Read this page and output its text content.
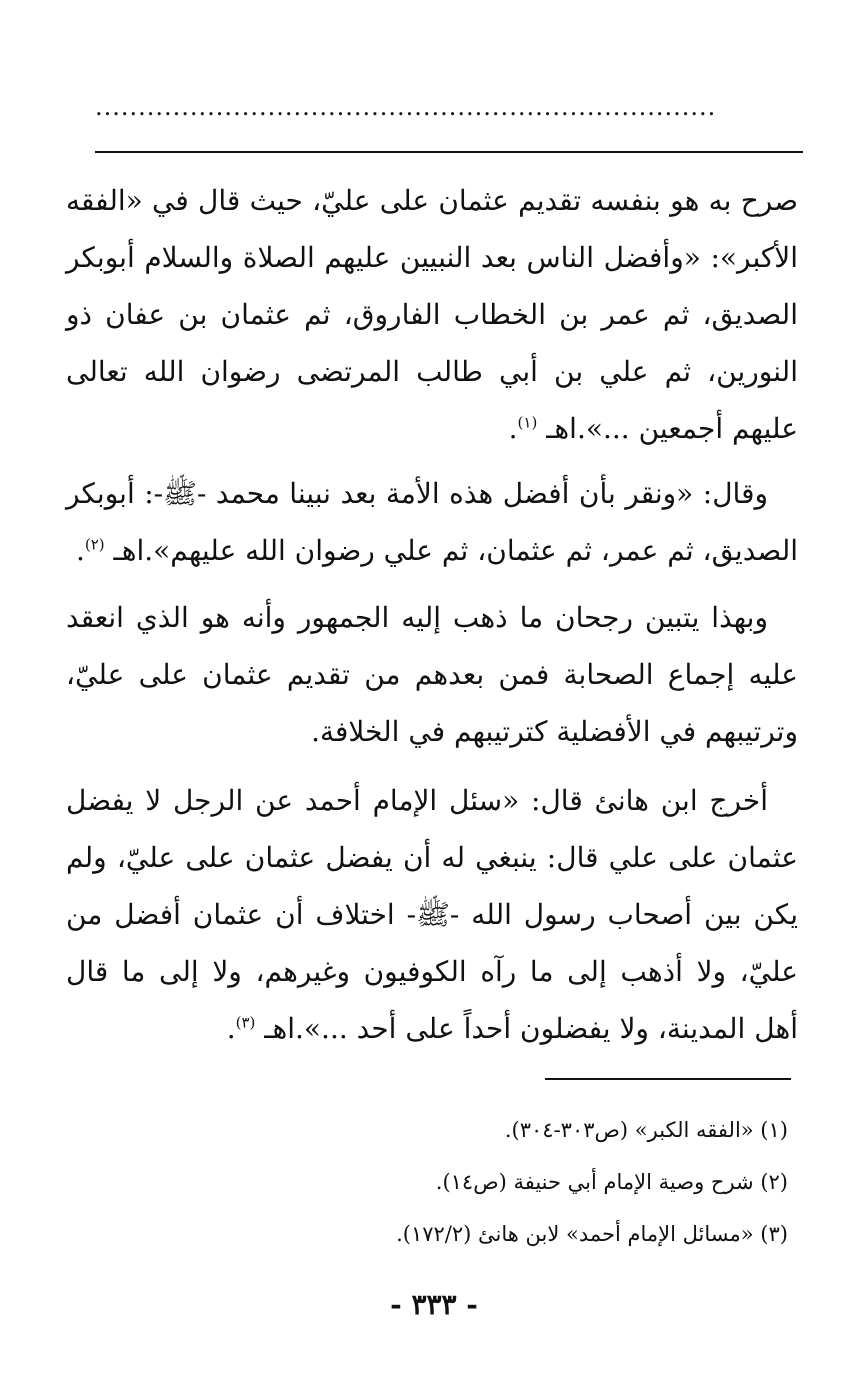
........................................................................

صرح به هو بنفسه تقديم عثمان على عليّ، حيث قال في «الفقه الأكبر»: «وأفضل الناس بعد النبيين عليهم الصلاة والسلام أبوبكر الصديق، ثم عمر بن الخطاب الفاروق، ثم عثمان بن عفان ذو النورين، ثم علي بن أبي طالب المرتضى رضوان الله تعالى عليهم أجمعين ...».اهـ $^{(١)}$.

وقال: «ونقر بأن أفضل هذه الأمة بعد نبينا محمد -ﷺ-: أبوبكر الصديق، ثم عمر، ثم عثمان، ثم علي رضوان الله عليهم».اهـ $^{(٢)}$.

وبهذا يتبين رجحان ما ذهب إليه الجمهور وأنه هو الذي انعقد عليه إجماع الصحابة فمن بعدهم من تقديم عثمان على عليّ، وترتيبهم في الأفضلية كترتيبهم في الخلافة.

أخرج ابن هانئ قال: «سئل الإمام أحمد عن الرجل لا يفضل عثمان على علي قال: ينبغي له أن يفضل عثمان على عليّ، ولم يكن بين أصحاب رسول الله -ﷺ- اختلاف أن عثمان أفضل من عليّ، ولا أذهب إلى ما رآه الكوفيون وغيرهم، ولا إلى ما قال أهل المدينة، ولا يفضلون أحداً على أحد ...».اهـ $^{(٣)}$.

(١) «الفقه الكبر» (ص٣٠٣-٣٠٤).

(٢) شرح وصية الإمام أبي حنيفة (ص١٤).

(٣) «مسائل الإمام أحمد» لابن هانئ (١٧٢/٢).

- ٣٣٣ -
